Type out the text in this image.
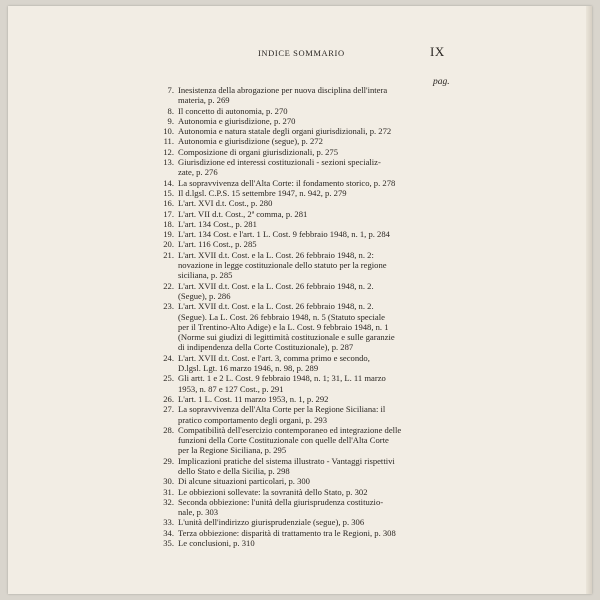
INDICE SOMMARIO	IX
pag.
7. Inesistenza della abrogazione per nuova disciplina dell'intera
materia, p. 269
8. Il concetto di autonomia, p. 270
9. Autonomia e giurisdizione, p. 270
10. Autonomia e natura statale degli organi giurisdizionali, p. 272
11. Autonomia e giurisdizione (segue), p. 272
12. Composizione di organi giurisdizionali, p. 275
13. Giurisdizione ed interessi costituzionali - sezioni specializ-
zate, p. 276
14. La sopravvivenza dell'Alta Corte: il fondamento storico, p. 278
15. Il d.lgsl. C.P.S. 15 settembre 1947, n. 942, p. 279
16. L'art. XVI d.t. Cost., p. 280
17. L'art. VII d.t. Cost., 2ª comma, p. 281
18. L'art. 134 Cost., p. 281
19. L'art. 134 Cost. e l'art. 1 L. Cost. 9 febbraio 1948, n. 1, p. 284
20. L'art. 116 Cost., p. 285
21. L'art. XVII d.t. Cost. e la L. Cost. 26 febbraio 1948, n. 2:
novazione in legge costituzionale dello statuto per la regione
siciliana, p. 285
22. L'art. XVII d.t. Cost. e la L. Cost. 26 febbraio 1948, n. 2.
(Segue), p. 286
23. L'art. XVII d.t. Cost. e la L. Cost. 26 febbraio 1948, n. 2.
(Segue). La L. Cost. 26 febbraio 1948, n. 5 (Statuto speciale
per il Trentino-Alto Adige) e la L. Cost. 9 febbraio 1948, n. 1
(Norme sui giudizi di legittimità costituzionale e sulle garanzie
di indipendenza della Corte Costituzionale), p. 287
24. L'art. XVII d.t. Cost. e l'art. 3, comma primo e secondo,
D.lgsl. Lgt. 16 marzo 1946, n. 98, p. 289
25. Gli artt. 1 e 2 L. Cost. 9 febbraio 1948, n. 1; 31, L. 11 marzo
1953, n. 87 e 127 Cost., p. 291
26. L'art. 1 L. Cost. 11 marzo 1953, n. 1, p. 292
27. La sopravvivenza dell'Alta Corte per la Regione Siciliana: il
pratico comportamento degli organi, p. 293
28. Compatibilità dell'esercizio contemporaneo ed integrazione delle
funzioni della Corte Costituzionale con quelle dell'Alta Corte
per la Regione Siciliana, p. 295
29. Implicazioni pratiche del sistema illustrato - Vantaggi rispettivi
dello Stato e della Sicilia, p. 298
30. Di alcune situazioni particolari, p. 300
31. Le obbiezioni sollevate: la sovranità dello Stato, p. 302
32. Seconda obbiezione: l'unità della giurisprudenza costituzio-
nale, p. 303
33. L'unità dell'indirizzo giurisprudenziale (segue), p. 306
34. Terza obbiezione: disparità di trattamento tra le Regioni, p. 308
35. Le conclusioni, p. 310
